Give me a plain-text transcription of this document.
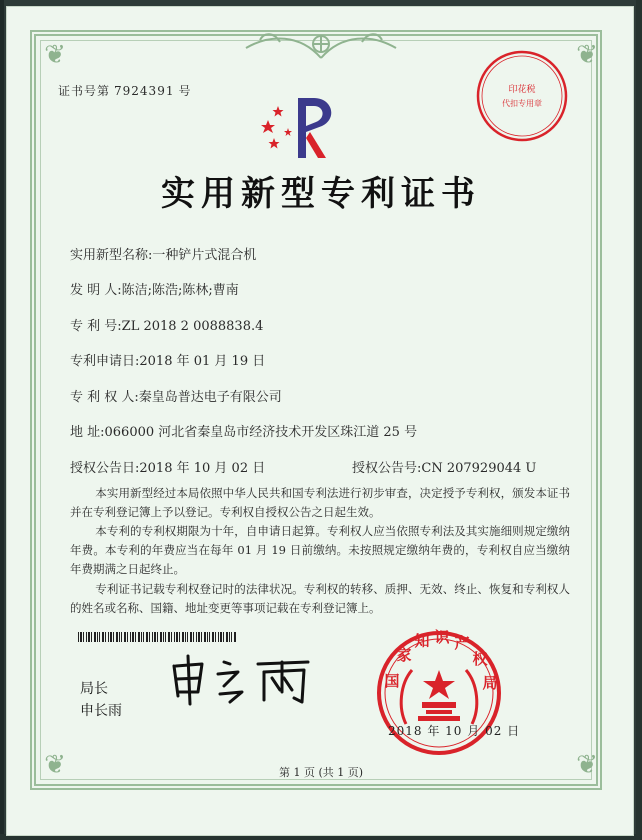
❦	❦
❦	❦
证书号第 7924391 号	印花税
代扣专用章
实用新型专利证书
实用新型名称:一种铲片式混合机
发 明 人:陈洁;陈浩;陈林;曹南
专 利 号:ZL 2018 2 0088838.4
专利申请日:2018 年 01 月 19 日
专 利 权 人:秦皇岛普达电子有限公司
地 址:066000 河北省秦皇岛市经济技术开发区珠江道 25 号
授权公告日:2018 年 10 月 02 日	授权公告号:CN 207929044 U
本实用新型经过本局依照中华人民共和国专利法进行初步审查，决定授予专利权，颁发本证书并在专利登记簿上予以登记。专利权自授权公告之日起生效。
本专利的专利权期限为十年，自申请日起算。专利权人应当依照专利法及其实施细则规定缴纳年费。本专利的年费应当在每年 01 月 19 日前缴纳。未按照规定缴纳年费的，专利权自应当缴纳年费期满之日起终止。
专利证书记载专利权登记时的法律状况。专利权的转移、质押、无效、终止、恢复和专利权人的姓名或名称、国籍、地址变更等事项记载在专利登记簿上。
局长
申长雨
国
家
知 识 产
权
局
2018 年 10 月 02 日
第 1 页 (共 1 页)
